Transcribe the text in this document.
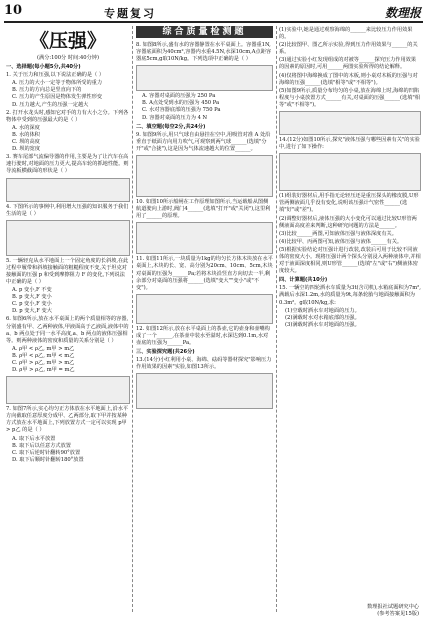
10	专题复习	数理报
《压强》
(满分:100分 时间:40分钟)
一、选择题(每小题5分,共40分)

1. 关于压力和压强,以下说法正确的是（ ）

A. 压力的大小一定等于物体所受的重力

B. 压力的方向总是竖直向下的

C. 压力的产生原因是物体发生弹性形变

D. 压力越大,产生的压强一定越大

2. 打开水龙头时,感知它对手的力有大小之分。下列各物体中受到的压强最大的是（ ）

A. 水的深度

B. 水的体积

C. 坝的高度

D. 坝的宽度

3. 赛车尾部气流偏导器的作用,主要是为了让汽车在高速行驶时,对地面的压力更大,提高车轮的抓地性能。则导流板横截面的形状是（ ）

4. 下图所示的事例中,利用增大压强的知识服务于我们生活的是（ ）

5. 一辆轻克从水平地面上一个固定角度的长斜坡,在此过程中履带和斜坡接触面的粗糙程度不变,关于坦克对接触面的压强 p 和受到摩擦阻力 F 的变化,下列说法中正确的是（ ）

A. p 变小,F 不变

B. p 变大,F 变小

C. p 变小,F 变小

D. p 变大,F 变大

6. 如图6所示,放在水平桌面上的两个质量相等的容器,分别盛有甲、乙两种液体,甲液面高于乙液面,液体中的 a、b 两点处于同一水平高度,a、b 两点的液体压强相等。则两种液体的密度和质量的关系分别是（ ）

A. ρ甲 < ρ乙, m甲 > m乙

B. ρ甲 < ρ乙, m甲 < m乙

C. ρ甲 > ρ乙, m甲 > m乙

D. ρ甲 > ρ乙, m甲 = m乙

7. 如图7所示,实心均匀正方体放在水平地面上,沿水平方向截取任意厚度分成甲、乙两部分,取下甲并按某种方式放在水平地面上,下列放置方式一定可以实现 p甲 > p乙 的是（ ）

A. 取下后水平放置

B. 取下后以任意方式放置

C. 取下后逆时针翻转90°放置

D. 取下后顺时针翻转180°放置

综合质量检测题

8. 如图8所示,盛有水的容器静置在水平桌面上。容器重1N,容器底面积为40cm²,容器内水重4.5N,水深10cm,A点距容器底5cm,g取10N/kg。下列选项中正确的是（ ）

A. 容器对桌面的压强为 250 Pa

B. A点处受到水的压强为 450 Pa

C. 水对容器底部的压强为 750 Pa

D. 容器对桌面的压力为 4 N

二、填空题(每空2分,共24分)

9. 如图9所示,用只气球自由悬挂在空中,用吸管对准 A 处沿垂直于纸面方向用力吹气,可观察到两气球______(选填"分开"或"合拢"),这是因为气体流速越大的位置______。

10. 如图10所示船闸在工作原理如图所示,当运载船从图侧航道驶向上游时,阀门4______(选填"打开"或"关闭"),这里利用了______的原理。

11. 如图11所示,一块质量为1kg的均匀长方体木块放在水平桌面上,木块的长、宽、高分别为20cm、10cm、5cm,木块对桌面的压强为______Pa;若将木块沿竖直方向切去一半,剩余部分对桌面的压强将______(选填"变大""变小"或"不变")。

12. 如图12所示,放在水平桌面上的茶壶,它的壶身和壶嘴构成了一个______,在茶壶中装水至溢时,水深达到0.1m,水对壶底的压强为______Pa。

三、实验探究题(共26分)

13.(14分)小红利用小桌、海绵、砝码等器材探究"影响压力作用效果的因素"实验,如图13所示。

(1)实验中,她是通过观察海绵的______来比较压力作用效果的。

(2)比较图甲、图乙所示实验,得到压力作用效果与______的关系。

(3)通过实验小红发现组成的对被等______探究压力作用效果的因素的原因时,可用______两图实验所得的结论解释。

(4)仅将图中海绵换成了图中的木板,则小桌对木板的压强与对海绵的压强______(选填"相等"或"不相等")。

(5)如图9所示,质量分布均匀的小桌,放在海绵上时,海绵的凹陷程度与小桌放置方式______有关,对桌面的压强______(选填"相等"或"不相等")。

14.(12分)如图10所示,探究"液体压强与哪些因素有关"的实验中,进行了如下操作:

(1)组装好器材后,用手指无论轻压还是重压探头的橡皮膜,U形管两侧液面几乎没有变化,说明该压强计气密性______(选填"好"或"差")。

(2)调整好器材后,液体压强的大小变化可以通过比较U形管两侧液面高度差来判断,这种研究问题的方法是______。

(3)比较______两图,可知液体压强与液体深度有关。

(4)比较甲、丙两图可知,液体压强与液体______有关。

(5)根据实验结论对压强计进行改装,改装后可用于比较不同液体的密度大小。现将压强计两个探头分别浸入两种液体中,并相对于液面深度相同,则U形管______(选填"左"或"右")侧液体密度较大。

四、计算题(共10分)

15. 一辆空的四轮洒水车质量为3t(含司机),水箱底面积为7m²,满载后水深1.2m,水的质量为9t,每条轮胎与地面接触面积为0.3m²。g取10N/kg,求:

(1)空载时洒水车对地面的压力。

(2)满载时水对水箱底部的压强。

(3)满载时洒水车对地面的压强。

数理报社试题研究中心
(参考答案见15版)
